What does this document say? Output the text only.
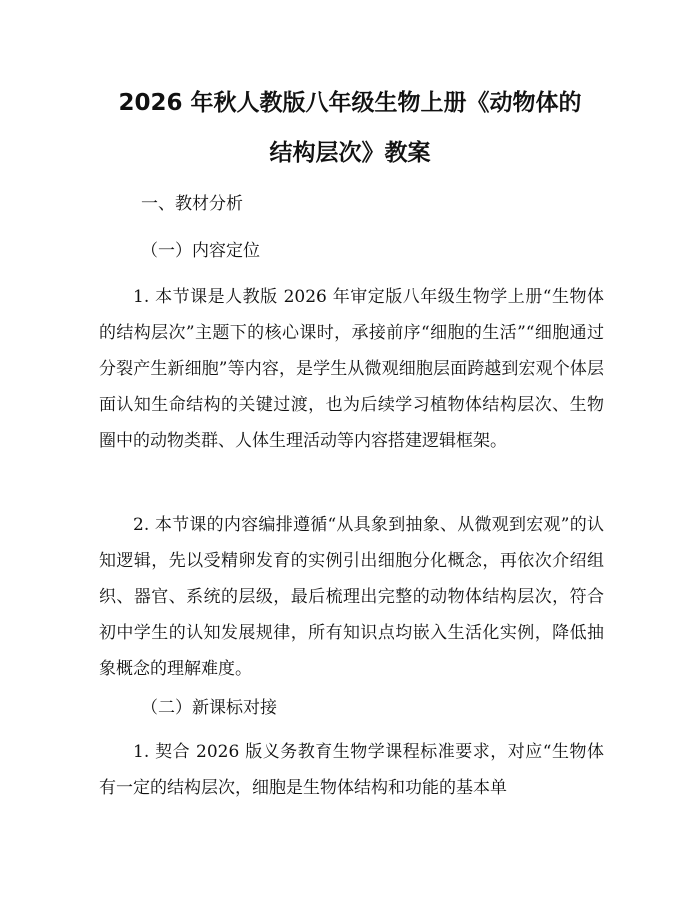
2026 年秋人教版八年级生物上册《动物体的
结构层次》教案
一、教材分析
（一）内容定位

1. 本节课是人教版 2026 年审定版八年级生物学上册“生物体的结构层次”主题下的核心课时，承接前序“细胞的生活”“细胞通过分裂产生新细胞”等内容，是学生从微观细胞层面跨越到宏观个体层面认知生命结构的关键过渡，也为后续学习植物体结构层次、生物圈中的动物类群、人体生理活动等内容搭建逻辑框架。

2. 本节课的内容编排遵循“从具象到抽象、从微观到宏观”的认知逻辑，先以受精卵发育的实例引出细胞分化概念，再依次介绍组织、器官、系统的层级，最后梳理出完整的动物体结构层次，符合初中学生的认知发展规律，所有知识点均嵌入生活化实例，降低抽象概念的理解难度。

（二）新课标对接

1. 契合 2026 版义务教育生物学课程标准要求，对应“生物体有一定的结构层次，细胞是生物体结构和功能的基本单
